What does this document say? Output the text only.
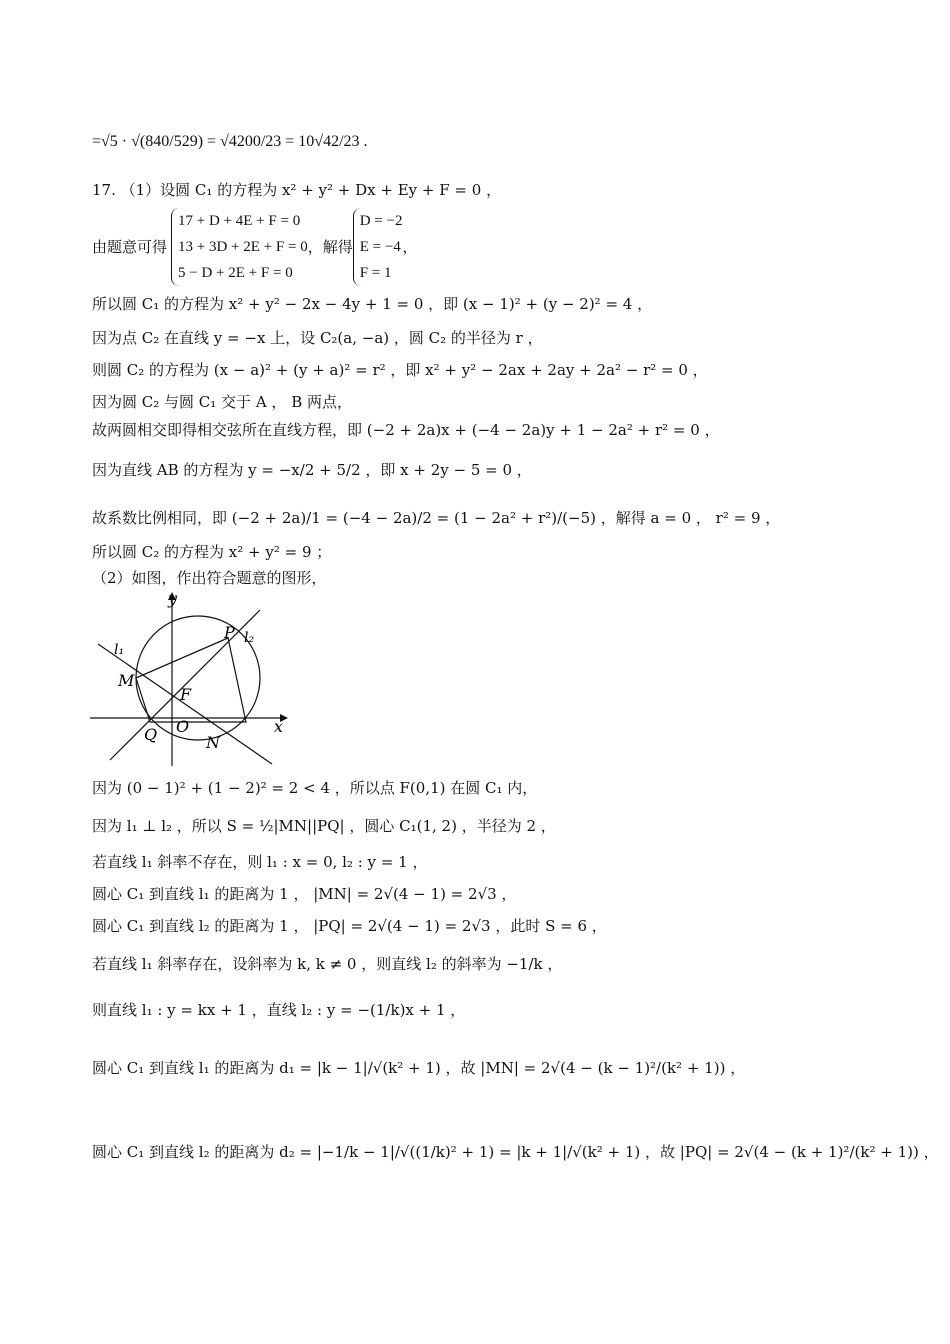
=√5 · √(840/529) = √4200/23 = 10√42/23 .
17. （1）设圆 C₁ 的方程为 x² + y² + Dx + Ey + F = 0 ，
由题意可得
17 + D + 4E + F = 0
13 + 3D + 2E + F = 0
5 − D + 2E + F = 0
，解得
D = −2
E = −4
F = 1
，
所以圆 C₁ 的方程为 x² + y² − 2x − 4y + 1 = 0 ，即 (x − 1)² + (y − 2)² = 4 ，
因为点 C₂ 在直线 y = −x 上，设 C₂(a, −a) ，圆 C₂ 的半径为 r ，
则圆 C₂ 的方程为 (x − a)² + (y + a)² = r² ，即 x² + y² − 2ax + 2ay + 2a² − r² = 0 ，
因为圆 C₂ 与圆 C₁ 交于 A ， B 两点，
故两圆相交即得相交弦所在直线方程，即 (−2 + 2a)x + (−4 − 2a)y + 1 − 2a² + r² = 0 ，
因为直线 AB 的方程为 y = −x/2 + 5/2 ，即 x + 2y − 5 = 0 ，
故系数比例相同，即 (−2 + 2a)/1 = (−4 − 2a)/2 = (1 − 2a² + r²)/(−5) ，解得 a = 0 ， r² = 9 ，
所以圆 C₂ 的方程为 x² + y² = 9 ；
（2）如图，作出符合题意的图形，
y
x
P l₂
l₁
M
F
O
Q	N
因为 (0 − 1)² + (1 − 2)² = 2 < 4 ，所以点 F(0,1) 在圆 C₁ 内，
因为 l₁ ⊥ l₂ ，所以 S = ½|MN||PQ| ，圆心 C₁(1, 2) ，半径为 2 ，
若直线 l₁ 斜率不存在，则 l₁ : x = 0, l₂ : y = 1 ，
圆心 C₁ 到直线 l₁ 的距离为 1 ， |MN| = 2√(4 − 1) = 2√3 ，
圆心 C₁ 到直线 l₂ 的距离为 1 ， |PQ| = 2√(4 − 1) = 2√3 ，此时 S = 6 ，
若直线 l₁ 斜率存在，设斜率为 k, k ≠ 0 ，则直线 l₂ 的斜率为 −1/k ，
则直线 l₁ : y = kx + 1 ，直线 l₂ : y = −(1/k)x + 1 ，
圆心 C₁ 到直线 l₁ 的距离为 d₁ = |k − 1|/√(k² + 1) ，故 |MN| = 2√(4 − (k − 1)²/(k² + 1)) ，
圆心 C₁ 到直线 l₂ 的距离为 d₂ = |−1/k − 1|/√((1/k)² + 1) = |k + 1|/√(k² + 1) ，故 |PQ| = 2√(4 − (k + 1)²/(k² + 1)) ，
